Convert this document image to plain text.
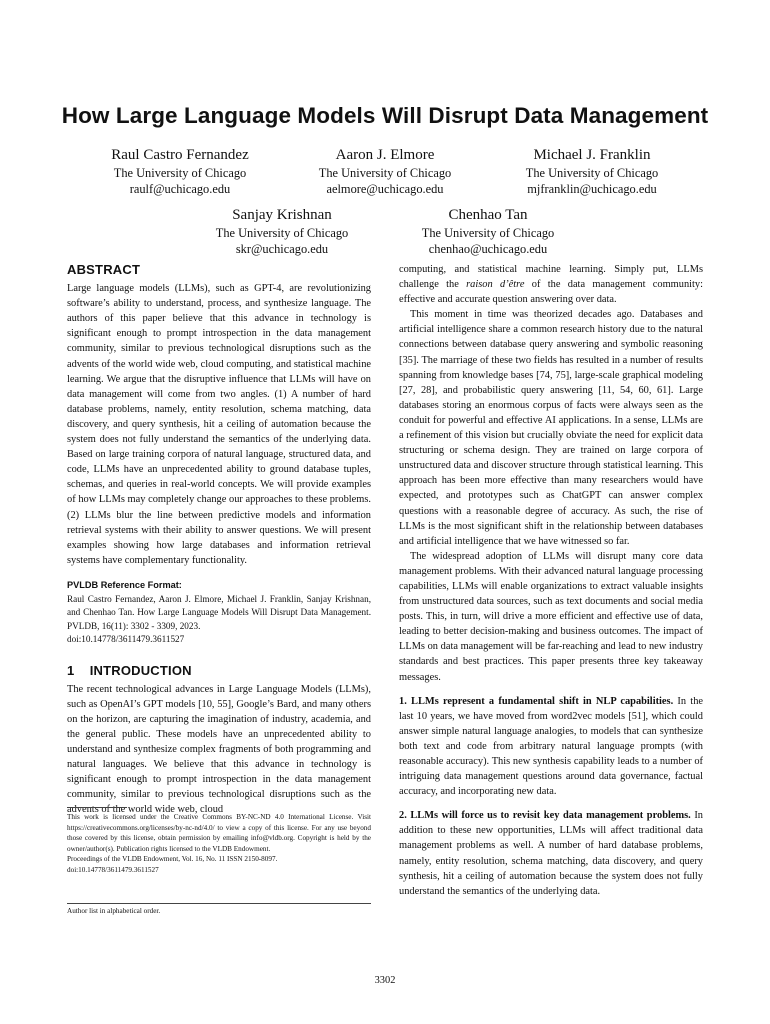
How Large Language Models Will Disrupt Data Management
Raul Castro Fernandez
The University of Chicago
raulf@uchicago.edu
Aaron J. Elmore
The University of Chicago
aelmore@uchicago.edu
Michael J. Franklin
The University of Chicago
mjfranklin@uchicago.edu
Sanjay Krishnan
The University of Chicago
skr@uchicago.edu
Chenhao Tan
The University of Chicago
chenhao@uchicago.edu
ABSTRACT

Large language models (LLMs), such as GPT-4, are revolutionizing software’s ability to understand, process, and synthesize language. The authors of this paper believe that this advance in technology is significant enough to prompt introspection in the data management community, similar to previous technological disruptions such as the advents of the world wide web, cloud computing, and statistical machine learning. We argue that the disruptive influence that LLMs will have on data management will come from two angles. (1) A number of hard database problems, namely, entity resolution, schema matching, data discovery, and query synthesis, hit a ceiling of automation because the system does not fully understand the semantics of the underlying data. Based on large training corpora of natural language, structured data, and code, LLMs have an unprecedented ability to ground database tuples, schemas, and queries in real-world concepts. We will provide examples of how LLMs may completely change our approaches to these problems. (2) LLMs blur the line between predictive models and information retrieval systems with their ability to answer questions. We will present examples showing how large databases and information retrieval systems have complementary functionality.

PVLDB Reference Format:

Raul Castro Fernandez, Aaron J. Elmore, Michael J. Franklin, Sanjay Krishnan, and Chenhao Tan. How Large Language Models Will Disrupt Data Management. PVLDB, 16(11): 3302 - 3309, 2023.

doi:10.14778/3611479.3611527

1 INTRODUCTION

The recent technological advances in Large Language Models (LLMs), such as OpenAI’s GPT models [10, 55], Google’s Bard, and many others on the horizon, are capturing the imagination of industry, academia, and the general public. These models have an unprecedented ability to understand and synthesize complex fragments of both programming and natural languages. We believe that this advance in technology is significant enough to prompt introspection in the data management community, similar to previous technological disruptions such as the advents of the world wide web, cloud

This work is licensed under the Creative Commons BY-NC-ND 4.0 International License. Visit https://creativecommons.org/licenses/by-nc-nd/4.0/ to view a copy of this license. For any use beyond those covered by this license, obtain permission by emailing info@vldb.org. Copyright is held by the owner/author(s). Publication rights licensed to the VLDB Endowment.

Proceedings of the VLDB Endowment, Vol. 16, No. 11 ISSN 2150-8097.

doi:10.14778/3611479.3611527

Author list in alphabetical order.

computing, and statistical machine learning. Simply put, LLMs challenge the raison d’être of the data management community: effective and accurate question answering over data.

This moment in time was theorized decades ago. Databases and artificial intelligence share a common research history due to the natural connections between database query answering and symbolic reasoning [35]. The marriage of these two fields has resulted in a number of results spanning from knowledge bases [74, 75], large-scale graphical modeling [27, 28], and probabilistic query answering [11, 54, 60, 61]. Large databases storing an enormous corpus of facts were always seen as the conduit for powerful and effective AI applications. In a sense, LLMs are a refinement of this vision but crucially obviate the need for explicit data structuring or schema design. They are trained on large corpora of unstructured data and discover structure through statistical learning. This approach has been more effective than many researchers would have expected, and prototypes such as ChatGPT can answer complex questions with a reasonable degree of accuracy. As such, the rise of LLMs is the most significant shift in the relationship between databases and artificial intelligence that we have witnessed so far.

The widespread adoption of LLMs will disrupt many core data management problems. With their advanced natural language processing capabilities, LLMs will enable organizations to extract valuable insights from unstructured data sources, such as text documents and social media posts. This, in turn, will drive a more efficient and effective use of data, leading to better decision-making and business outcomes. The impact of LLMs on data management will be far-reaching and lead to new industry standards and best practices. This paper presents three key takeaway messages.

1. LLMs represent a fundamental shift in NLP capabilities. In the last 10 years, we have moved from word2vec models [51], which could answer simple natural language analogies, to models that can synthesize both text and code from arbitrary natural language prompts (with reasonable accuracy). This new synthesis capability leads to a number of intriguing data management questions around data governance, factual accuracy, and incorporating new data.

2. LLMs will force us to revisit key data management problems. In addition to these new opportunities, LLMs will affect traditional data management problems as well. A number of hard database problems, namely, entity resolution, schema matching, data discovery, and query synthesis, hit a ceiling of automation because the system does not fully understand the semantics of the underlying data.

3302
